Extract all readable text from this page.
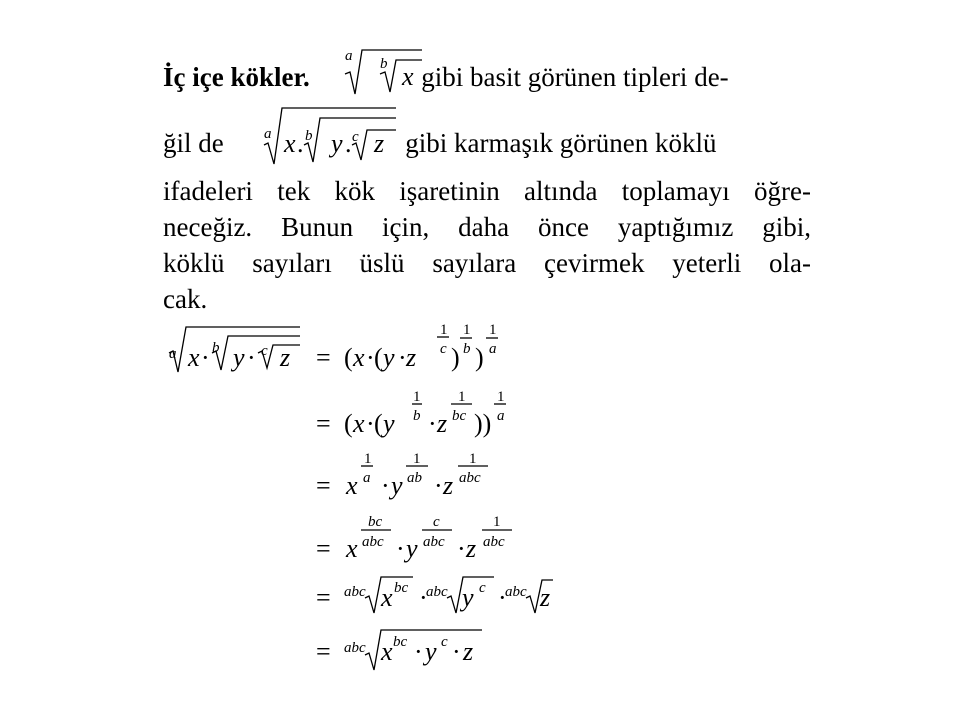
İç içe kökler.	gibi basit görünen tipleri de-
ğil de	gibi karmaşık görünen köklü
ifadeleri tek kök işaretinin altında toplamayı öğre-
neceğiz. Bunun için, daha önce yaptığımız gibi,
köklü sayıları üslü sayılara çevirmek yeterli ola-
cak.
a b x
a x . b y . c z
a x · b y · c z = ( x · ( y · z
1
c )
1
b )
1
a
= ( x · ( y
1
b · z
1
bc ))
1
a
= x
1
a · y
1
ab · z
1
abc
= x
bc
abc · y
c
abc · z
1
abc
= abc x bc ·
abc y c ·
abc z
= abc x bc · y c · z
